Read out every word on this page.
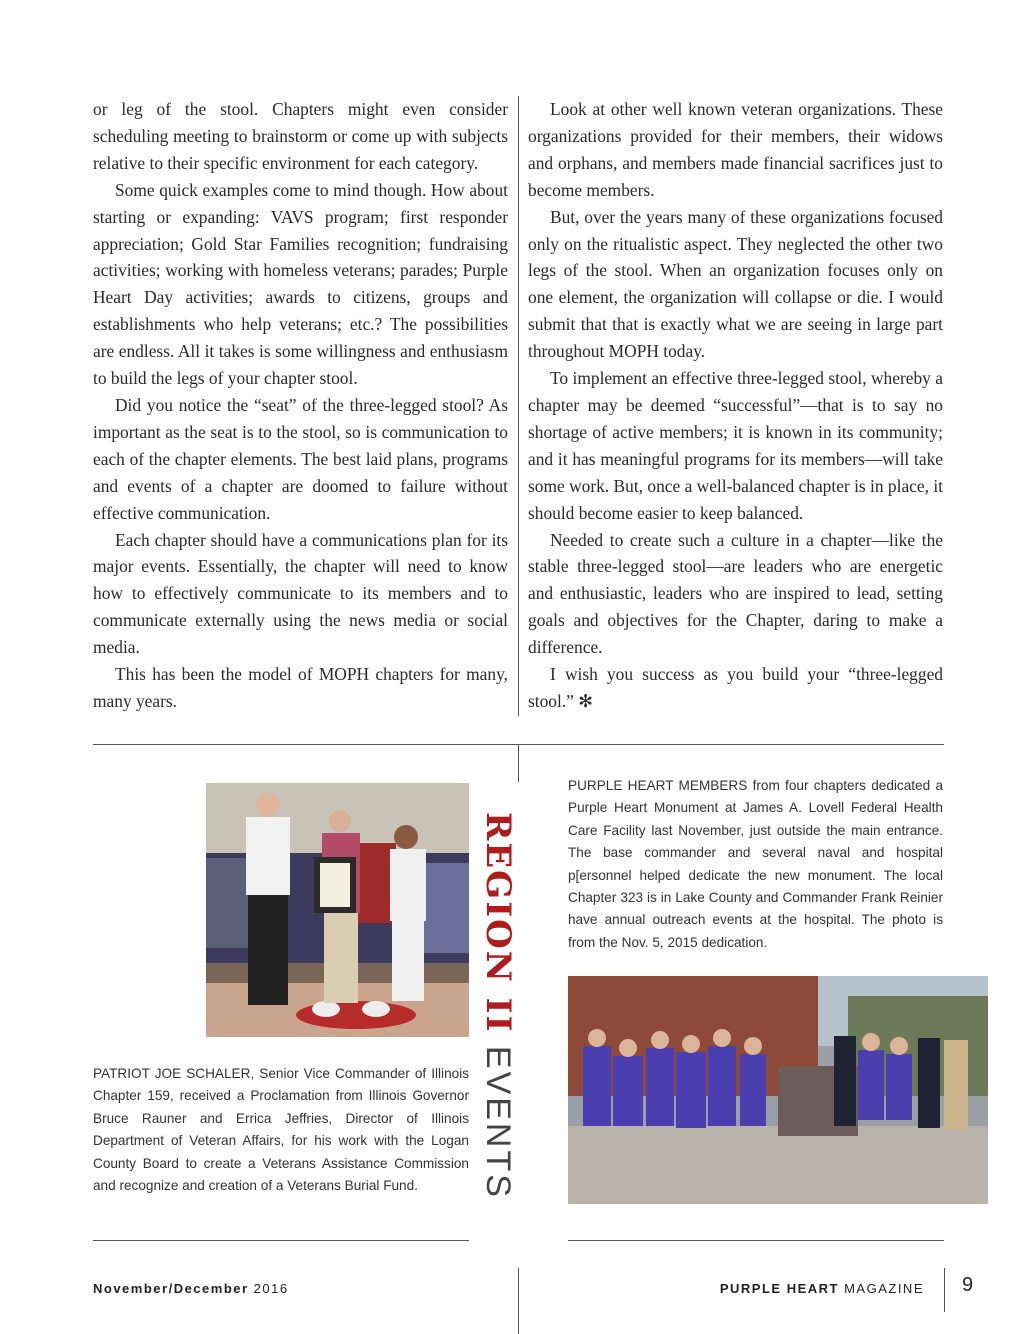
or leg of the stool. Chapters might even consider scheduling meeting to brainstorm or come up with subjects relative to their specific environment for each category.

Some quick examples come to mind though. How about starting or expanding: VAVS program; first responder appreciation; Gold Star Families recognition; fundraising activities; working with homeless veterans; parades; Purple Heart Day activities; awards to citizens, groups and establishments who help veterans; etc.? The possibilities are endless. All it takes is some willingness and enthusiasm to build the legs of your chapter stool.

Did you notice the “seat” of the three-legged stool? As important as the seat is to the stool, so is communication to each of the chapter elements. The best laid plans, programs and events of a chapter are doomed to failure without effective communication.

Each chapter should have a communications plan for its major events. Essentially, the chapter will need to know how to effectively communicate to its members and to communicate externally using the news media or social media.

This has been the model of MOPH chapters for many, many years.

Look at other well known veteran organizations. These organizations provided for their members, their widows and orphans, and members made financial sacrifices just to become members.

But, over the years many of these organizations focused only on the ritualistic aspect. They neglected the other two legs of the stool. When an organization focuses only on one element, the organization will collapse or die. I would submit that that is exactly what we are seeing in large part throughout MOPH today.

To implement an effective three-legged stool, whereby a chapter may be deemed “successful”—that is to say no shortage of active members; it is known in its community; and it has meaningful programs for its members—will take some work. But, once a well-balanced chapter is in place, it should become easier to keep balanced.

Needed to create such a culture in a chapter—like the stable three-legged stool—are leaders who are energetic and enthusiastic, leaders who are inspired to lead, setting goals and objectives for the Chapter, daring to make a difference.

I wish you success as you build your “three-legged stool.” ✻

REGION II EVENTS
PATRIOT JOE SCHALER, Senior Vice Commander of Illinois Chapter 159, received a Proclamation from Illinois Governor Bruce Rauner and Errica Jeffries, Director of Illinois Department of Veteran Affairs, for his work with the Logan County Board to create a Veterans Assistance Commission and recognize and creation of a Veterans Burial Fund.
PURPLE HEART MEMBERS from four chapters dedicated a Purple Heart Monument at James A. Lovell Federal Health Care Facility last November, just outside the main entrance. The base commander and several naval and hospital p[ersonnel helped dedicate the new monument. The local Chapter 323 is in Lake County and Commander Frank Reinier have annual outreach events at the hospital. The photo is from the Nov. 5, 2015 dedication.
November/December 2016	PURPLE HEART MAGAZINE 9
